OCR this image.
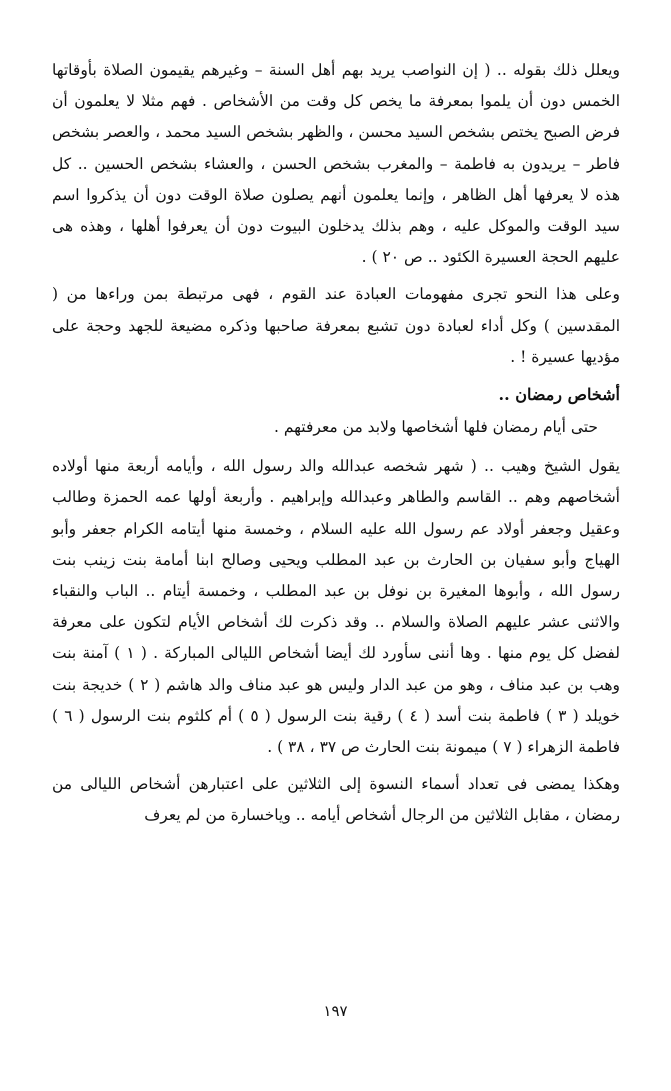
ويعلل ذلك بقوله .. ( إن النواصب يريد بهم أهل السنة – وغيرهم يقيمون الصلاة بأوقاتها الخمس دون أن يلموا بمعرفة ما يخص كل وقت من الأشخاص . فهم مثلا لا يعلمون أن فرض الصبح يختص بشخص السيد محسن ، والظهر بشخص السيد محمد ، والعصر بشخص فاطر – يريدون به فاطمة – والمغرب بشخص الحسن ، والعشاء بشخص الحسين .. كل هذه لا يعرفها أهل الظاهر ، وإنما يعلمون أنهم يصلون صلاة الوقت دون أن يذكروا اسم سيد الوقت والموكل عليه ، وهم بذلك يدخلون البيوت دون أن يعرفوا أهلها ، وهذه هى عليهم الحجة العسيرة الكئود .. ص ٢٠ ) .

وعلى هذا النحو تجرى مفهومات العبادة عند القوم ، فهى مرتبطة بمن وراءها من ( المقدسين ) وكل أداء لعبادة دون تشبع بمعرفة صاحبها وذكره مضيعة للجهد وحجة على مؤديها عسيرة ! .

أشخاص رمضان ..

حتى أيام رمضان فلها أشخاصها ولابد من معرفتهم .

يقول الشيخ وهيب .. ( شهر شخصه عبدالله والد رسول الله ، وأيامه أربعة منها أولاده أشخاصهم وهم .. القاسم والطاهر وعبدالله وإبراهيم . وأربعة أولها عمه الحمزة وطالب وعقيل وجعفر أولاد عم رسول الله عليه السلام ، وخمسة منها أيتامه الكرام جعفر وأبو الهياج وأبو سفيان بن الحارث بن عبد المطلب ويحيى وصالح ابنا أمامة بنت زينب بنت رسول الله ، وأبوها المغيرة بن نوفل بن عبد المطلب ، وخمسة أيتام .. الباب والنقباء والاثنى عشر عليهم الصلاة والسلام .. وقد ذكرت لك أشخاص الأيام لتكون على معرفة لفضل كل يوم منها . وها أننى سأورد لك أيضا أشخاص الليالى المباركة . ( ١ ) آمنة بنت وهب بن عبد مناف ، وهو من عبد الدار وليس هو عبد مناف والد هاشم ( ٢ ) خديجة بنت خويلد ( ٣ ) فاطمة بنت أسد ( ٤ ) رقية بنت الرسول ( ٥ ) أم كلثوم بنت الرسول ( ٦ ) فاطمة الزهراء ( ٧ ) ميمونة بنت الحارث ص ٣٧ ، ٣٨ ) .

وهكذا يمضى فى تعداد أسماء النسوة إلى الثلاثين على اعتبارهن أشخاص الليالى من رمضان ، مقابل الثلاثين من الرجال أشخاص أيامه .. وياخسارة من لم يعرف

١٩٧
